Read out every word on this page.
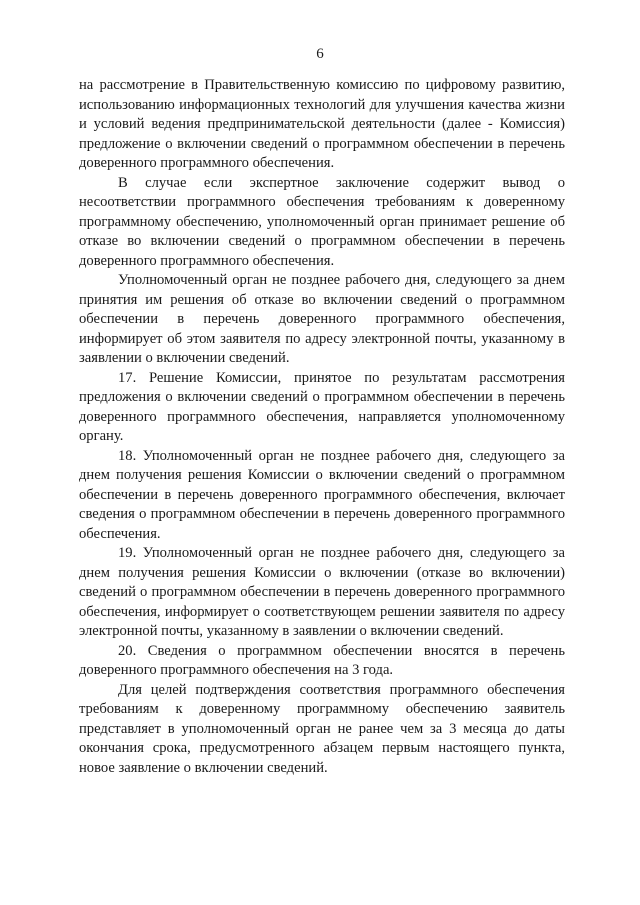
6

на рассмотрение в Правительственную комиссию по цифровому развитию, использованию информационных технологий для улучшения качества жизни и условий ведения предпринимательской деятельности (далее - Комиссия) предложение о включении сведений о программном обеспечении в перечень доверенного программного обеспечения.

В случае если экспертное заключение содержит вывод о несоответствии программного обеспечения требованиям к доверенному программному обеспечению, уполномоченный орган принимает решение об отказе во включении сведений о программном обеспечении в перечень доверенного программного обеспечения.

Уполномоченный орган не позднее рабочего дня, следующего за днем принятия им решения об отказе во включении сведений о программном обеспечении в перечень доверенного программного обеспечения, информирует об этом заявителя по адресу электронной почты, указанному в заявлении о включении сведений.

17. Решение Комиссии, принятое по результатам рассмотрения предложения о включении сведений о программном обеспечении в перечень доверенного программного обеспечения, направляется уполномоченному органу.

18. Уполномоченный орган не позднее рабочего дня, следующего за днем получения решения Комиссии о включении сведений о программном обеспечении в перечень доверенного программного обеспечения, включает сведения о программном обеспечении в перечень доверенного программного обеспечения.

19. Уполномоченный орган не позднее рабочего дня, следующего за днем получения решения Комиссии о включении (отказе во включении) сведений о программном обеспечении в перечень доверенного программного обеспечения, информирует о соответствующем решении заявителя по адресу электронной почты, указанному в заявлении о включении сведений.

20. Сведения о программном обеспечении вносятся в перечень доверенного программного обеспечения на 3 года.

Для целей подтверждения соответствия программного обеспечения требованиям к доверенному программному обеспечению заявитель представляет в уполномоченный орган не ранее чем за 3 месяца до даты окончания срока, предусмотренного абзацем первым настоящего пункта, новое заявление о включении сведений.
